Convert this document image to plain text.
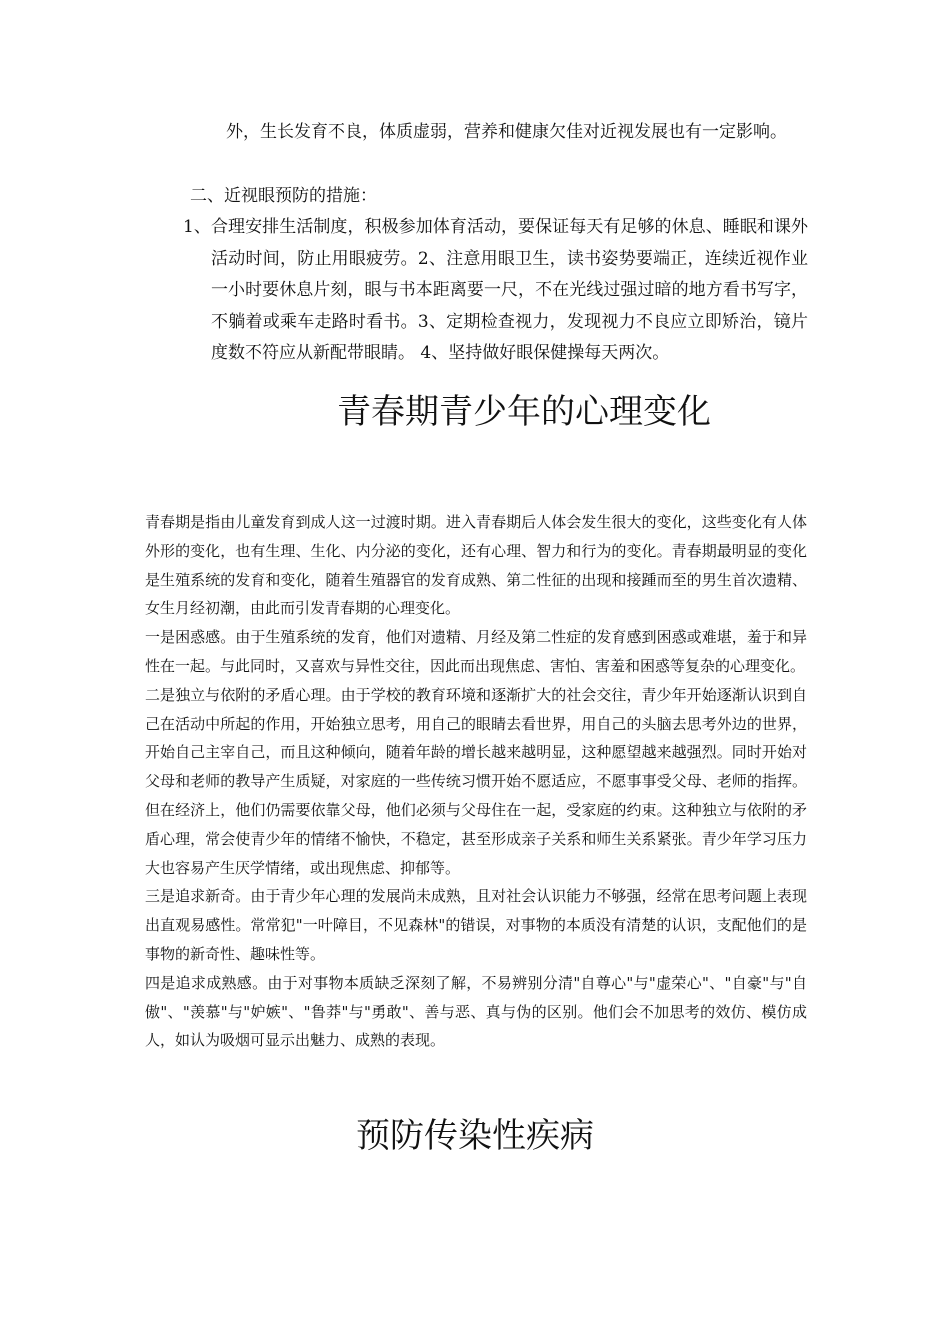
外，生长发育不良，体质虚弱，营养和健康欠佳对近视发展也有一定影响。

二、近视眼预防的措施：

1、 合理安排生活制度，积极参加体育活动，要保证每天有足够的休息、睡眠和课外活动时间，防止用眼疲劳。2、注意用眼卫生，读书姿势要端正，连续近视作业一小时要休息片刻，眼与书本距离要一尺，不在光线过强过暗的地方看书写字，不躺着或乘车走路时看书。3、定期检查视力，发现视力不良应立即矫治，镜片度数不符应从新配带眼睛。 4、坚持做好眼保健操每天两次。
青春期青少年的心理变化

青春期是指由儿童发育到成人这一过渡时期。进入青春期后人体会发生很大的变化，这些变化有人体外形的变化，也有生理、生化、内分泌的变化，还有心理、智力和行为的变化。青春期最明显的变化是生殖系统的发育和变化，随着生殖器官的发育成熟、第二性征的出现和接踵而至的男生首次遗精、女生月经初潮，由此而引发青春期的心理变化。

一是困惑感。由于生殖系统的发育，他们对遗精、月经及第二性症的发育感到困惑或难堪，羞于和异性在一起。与此同时，又喜欢与异性交往，因此而出现焦虑、害怕、害羞和困惑等复杂的心理变化。

二是独立与依附的矛盾心理。由于学校的教育环境和逐渐扩大的社会交往，青少年开始逐渐认识到自己在活动中所起的作用，开始独立思考，用自己的眼睛去看世界，用自己的头脑去思考外边的世界，开始自己主宰自己，而且这种倾向，随着年龄的增长越来越明显，这种愿望越来越强烈。同时开始对父母和老师的教导产生质疑，对家庭的一些传统习惯开始不愿适应，不愿事事受父母、老师的指挥。但在经济上，他们仍需要依靠父母，他们必须与父母住在一起，受家庭的约束。这种独立与依附的矛盾心理，常会使青少年的情绪不愉快，不稳定，甚至形成亲子关系和师生关系紧张。青少年学习压力大也容易产生厌学情绪，或出现焦虑、抑郁等。

三是追求新奇。由于青少年心理的发展尚未成熟，且对社会认识能力不够强，经常在思考问题上表现出直观易感性。常常犯"一叶障目，不见森林"的错误，对事物的本质没有清楚的认识，支配他们的是事物的新奇性、趣味性等。

四是追求成熟感。由于对事物本质缺乏深刻了解，不易辨别分清"自尊心"与"虚荣心"、"自豪"与"自傲"、"羡慕"与"妒嫉"、"鲁莽"与"勇敢"、善与恶、真与伪的区别。他们会不加思考的效仿、模仿成人，如认为吸烟可显示出魅力、成熟的表现。

预防传染性疾病
